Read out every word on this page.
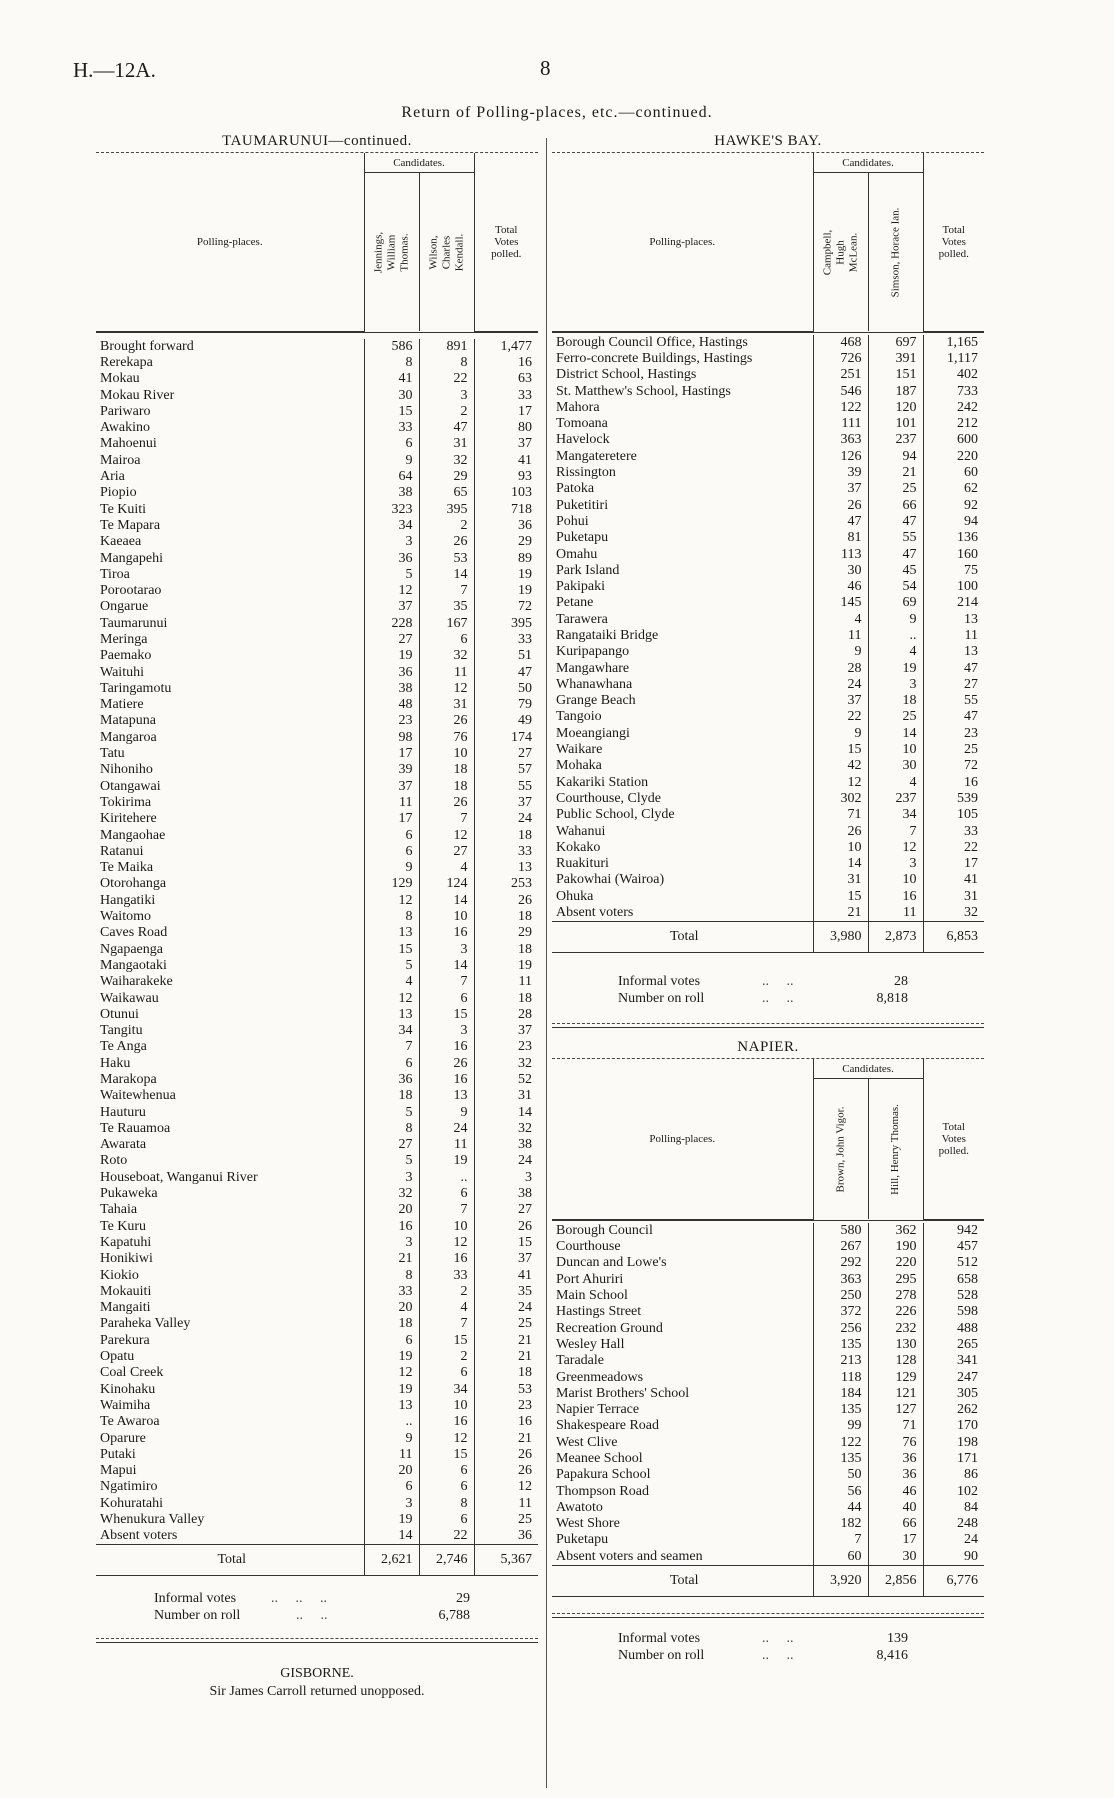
H.—12A.	8
Return of Polling-places, etc.—continued.
TAUMARUNUI—continued.
Polling-places.	Candidates.		Total Votes polled.

	Jennings, William Thomas.	Wilson, Charles Kendall.	
Brought forward	586	891	1,477
Rerekapa	8	8	16
Mokau	41	22	63
Mokau River	30	3	33
Pariwaro	15	2	17
Awakino	33	47	80
Mahoenui	6	31	37
Mairoa	9	32	41
Aria	64	29	93
Piopio	38	65	103
Te Kuiti	323	395	718
Te Mapara	34	2	36
Kaeaea	3	26	29
Mangapehi	36	53	89
Tiroa	5	14	19
Porootarao	12	7	19
Ongarue	37	35	72
Taumarunui	228	167	395
Meringa	27	6	33
Paemako	19	32	51
Waituhi	36	11	47
Taringamotu	38	12	50
Matiere	48	31	79
Matapuna	23	26	49
Mangaroa	98	76	174
Tatu	17	10	27
Nihoniho	39	18	57
Otangawai	37	18	55
Tokirima	11	26	37
Kiritehere	17	7	24
Mangaohae	6	12	18
Ratanui	6	27	33
Te Maika	9	4	13
Otorohanga	129	124	253
Hangatiki	12	14	26
Waitomo	8	10	18
Caves Road	13	16	29
Ngapaenga	15	3	18
Mangaotaki	5	14	19
Waiharakeke	4	7	11
Waikawau	12	6	18
Otunui	13	15	28
Tangitu	34	3	37
Te Anga	7	16	23
Haku	6	26	32
Marakopa	36	16	52
Waitewhenua	18	13	31
Hauturu	5	9	14
Te Rauamoa	8	24	32
Awarata	27	11	38
Roto	5	19	24
Houseboat, Wanganui River	3	..	3
Pukaweka	32	6	38
Tahaia	20	7	27
Te Kuru	16	10	26
Kapatuhi	3	12	15
Honikiwi	21	16	37
Kiokio	8	33	41
Mokauiti	33	2	35
Mangaiti	20	4	24
Paraheka Valley	18	7	25
Parekura	6	15	21
Opatu	19	2	21
Coal Creek	12	6	18
Kinohaku	19	34	53
Waimiha	13	10	23
Te Awaroa	..	16	16
Oparure	9	12	21
Putaki	11	15	26
Mapui	20	6	26
Ngatimiro	6	6	12
Kohuratahi	3	8	11
Whenukura Valley	19	6	25
Absent voters	14	22	36
Total	2,621	2,746	5,367
Informal votes ..     ..     ..	29
Number on roll	..     ..	6,788
GISBORNE.
Sir James Carroll returned unopposed.
HAWKE'S BAY.
Polling-places.	Candidates.		Total Votes polled.

	Campbell, Hugh McLean.	Simson, Horace Ian.	
Borough Council Office, Hastings	468	697	1,165
Ferro-concrete Buildings, Hastings	726	391	1,117
District School, Hastings	251	151	402
St. Matthew's School, Hastings	546	187	733
Mahora	122	120	242
Tomoana	111	101	212
Havelock	363	237	600
Mangateretere	126	94	220
Rissington	39	21	60
Patoka	37	25	62
Puketitiri	26	66	92
Pohui	47	47	94
Puketapu	81	55	136
Omahu	113	47	160
Park Island	30	45	75
Pakipaki	46	54	100
Petane	145	69	214
Tarawera	4	9	13
Rangataiki Bridge	11	..	11
Kuripapango	9	4	13
Mangawhare	28	19	47
Whanawhana	24	3	27
Grange Beach	37	18	55
Tangoio	22	25	47
Moeangiangi	9	14	23
Waikare	15	10	25
Mohaka	42	30	72
Kakariki Station	12	4	16
Courthouse, Clyde	302	237	539
Public School, Clyde	71	34	105
Wahanui	26	7	33
Kokako	10	12	22
Ruakituri	14	3	17
Pakowhai (Wairoa)	31	10	41
Ohuka	15	16	31
Absent voters	21	11	32
Total	3,980	2,873	6,853
Informal votes	..     ..	28
Number on roll	..     ..	8,818
NAPIER.
Polling-places.	Candidates.		Total Votes polled.

	Brown, John Vigor.	Hill, Henry Thomas.	
Borough Council	580	362	942
Courthouse	267	190	457
Duncan and Lowe's	292	220	512
Port Ahuriri	363	295	658
Main School	250	278	528
Hastings Street	372	226	598
Recreation Ground	256	232	488
Wesley Hall	135	130	265
Taradale	213	128	341
Greenmeadows	118	129	247
Marist Brothers' School	184	121	305
Napier Terrace	135	127	262
Shakespeare Road	99	71	170
West Clive	122	76	198
Meanee School	135	36	171
Papakura School	50	36	86
Thompson Road	56	46	102
Awatoto	44	40	84
West Shore	182	66	248
Puketapu	7	17	24
Absent voters and seamen	60	30	90
Total	3,920	2,856	6,776
Informal votes	..     ..	139
Number on roll	..     ..	8,416
